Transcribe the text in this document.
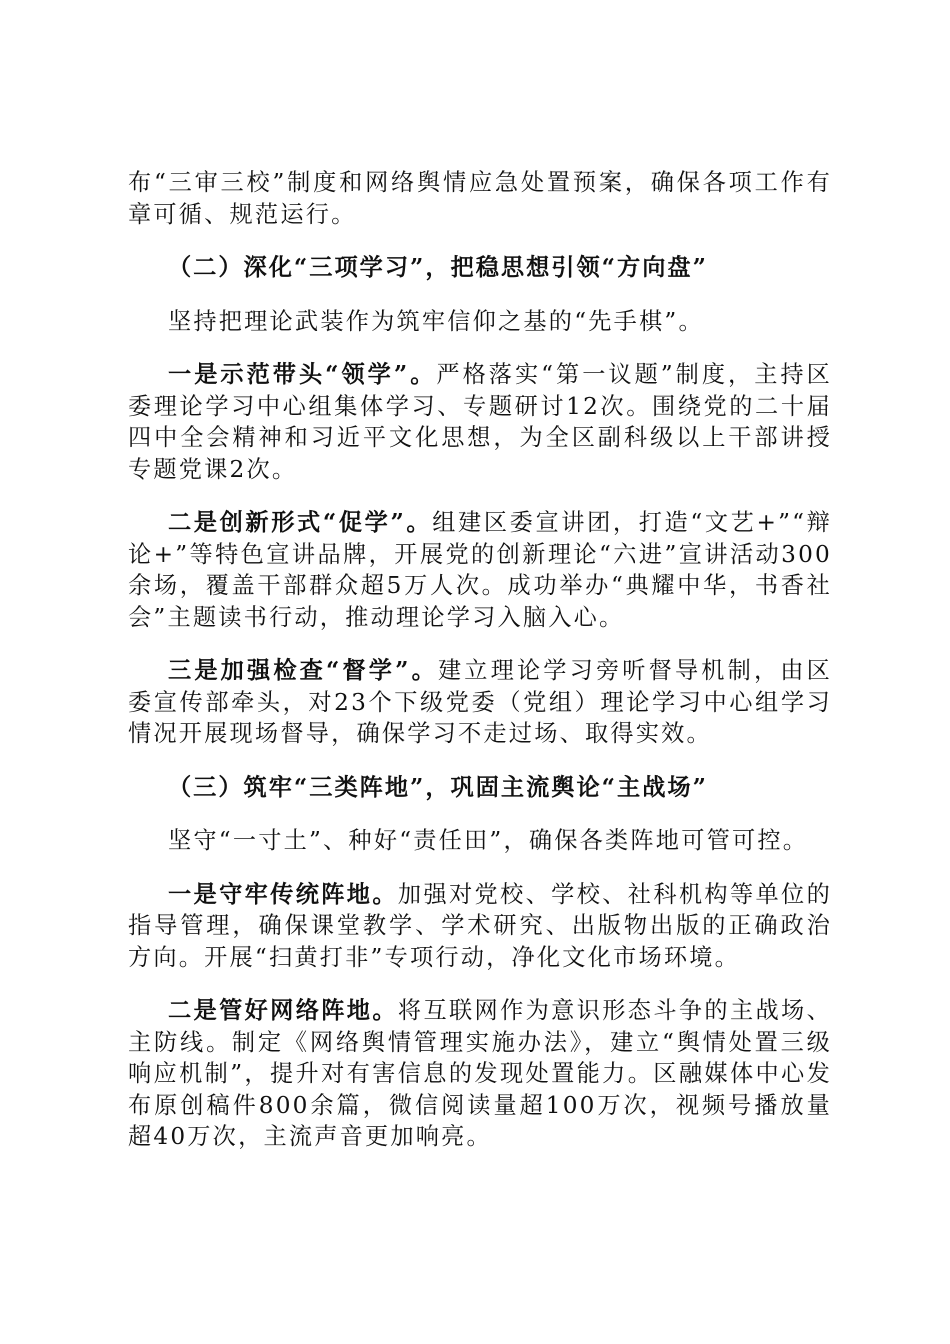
布“三审三校”制度和网络舆情应急处置预案，确保各项工作有章可循、规范运行。

（二）深化“三项学习”，把稳思想引领“方向盘”

坚持把理论武装作为筑牢信仰之基的“先手棋”。

一是示范带头“领学”。严格落实“第一议题”制度，主持区委理论学习中心组集体学习、专题研讨12次。围绕党的二十届四中全会精神和习近平文化思想，为全区副科级以上干部讲授专题党课2次。

二是创新形式“促学”。组建区委宣讲团，打造“文艺+”“辩论+”等特色宣讲品牌，开展党的创新理论“六进”宣讲活动300余场，覆盖干部群众超5万人次。成功举办“典耀中华，书香社会”主题读书行动，推动理论学习入脑入心。

三是加强检查“督学”。建立理论学习旁听督导机制，由区委宣传部牵头，对23个下级党委（党组）理论学习中心组学习情况开展现场督导，确保学习不走过场、取得实效。

（三）筑牢“三类阵地”，巩固主流舆论“主战场”

坚守“一寸土”、种好“责任田”，确保各类阵地可管可控。

一是守牢传统阵地。加强对党校、学校、社科机构等单位的指导管理，确保课堂教学、学术研究、出版物出版的正确政治方向。开展“扫黄打非”专项行动，净化文化市场环境。

二是管好网络阵地。将互联网作为意识形态斗争的主战场、主防线。制定《网络舆情管理实施办法》，建立“舆情处置三级响应机制”，提升对有害信息的发现处置能力。区融媒体中心发布原创稿件800余篇，微信阅读量超100万次，视频号播放量超40万次，主流声音更加响亮。
